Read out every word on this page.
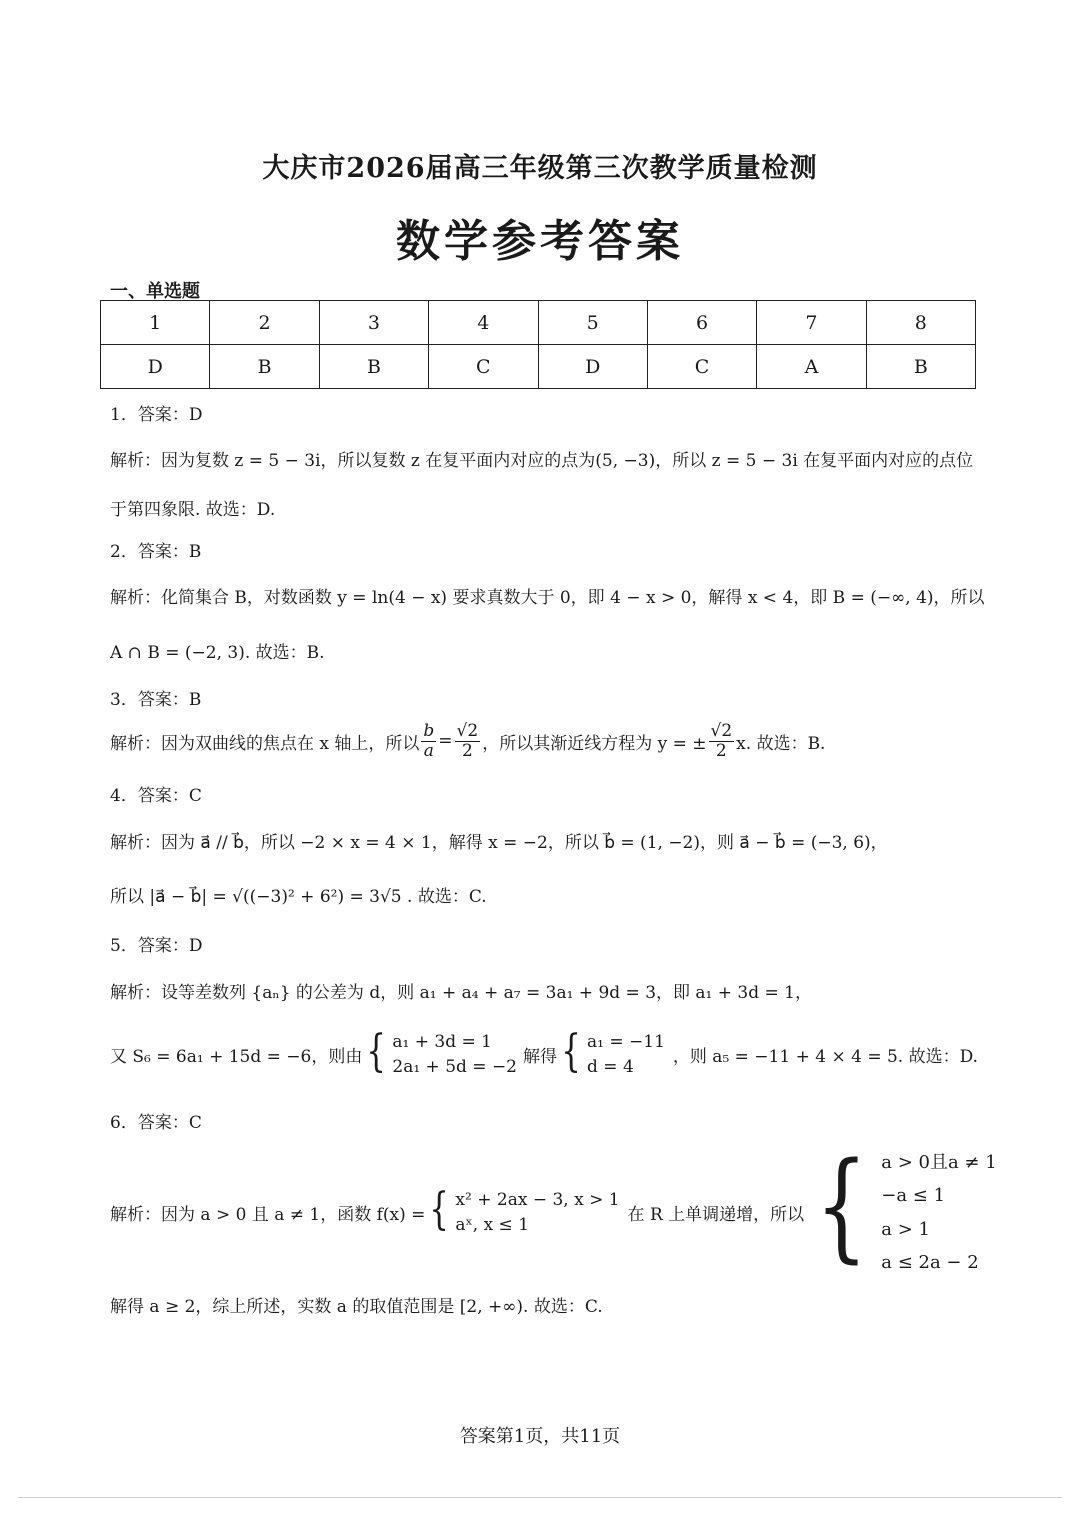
大庆市2026届高三年级第三次教学质量检测
数学参考答案
一、单选题
1	2	3	4	5	6	7	8
D	B	B	C	D	C	A	B
1．答案：D
解析：因为复数 z = 5 − 3i，所以复数 z 在复平面内对应的点为(5, −3)，所以 z = 5 − 3i 在复平面内对应的点位
于第四象限. 故选：D.
2．答案：B
解析：化简集合 B，对数函数 y = ln(4 − x) 要求真数大于 0，即 4 − x > 0，解得 x < 4，即 B = (−∞, 4)，所以
A ∩ B = (−2, 3). 故选：B.
3．答案：B
解析：因为双曲线的焦点在 x 轴上，所以 $\frac{b}{a} = \frac{√2}{2}$ ，所以其渐近线方程为 y = ± $\frac{√2}{2} x$. 故选：B.
4．答案：C
解析：因为 a⃗ // b⃗，所以 −2 × x = 4 × 1，解得 x = −2，所以 b⃗ = (1, −2)，则 a⃗ − b⃗ = (−3, 6)，
所以 |a⃗ − b⃗| = √((−3)² + 6²) = 3√5 . 故选：C.
5．答案：D
解析：设等差数列 {aₙ} 的公差为 d，则 a₁ + a₄ + a₇ = 3a₁ + 9d = 3，即 a₁ + 3d = 1，
又 S₆ = 6a₁ + 15d = −6，则由 { a₁ + 3d = 1
2a₁ + 5d = −2 解得 { a₁ = −11
d = 4	，则 a₅ = −11 + 4 × 4 = 5. 故选：D.
6．答案：C
解析：因为 a > 0 且 a ≠ 1，函数 f(x) = { x² + 2ax − 3, x > 1
aˣ, x ≤ 1	在 R 上单调递增，所以 { a > 0且a ≠ 1
−a ≤ 1
a > 1
a ≤ 2a − 2
解得 a ≥ 2，综上所述，实数 a 的取值范围是 [2, +∞). 故选：C.
答案第1页，共11页
